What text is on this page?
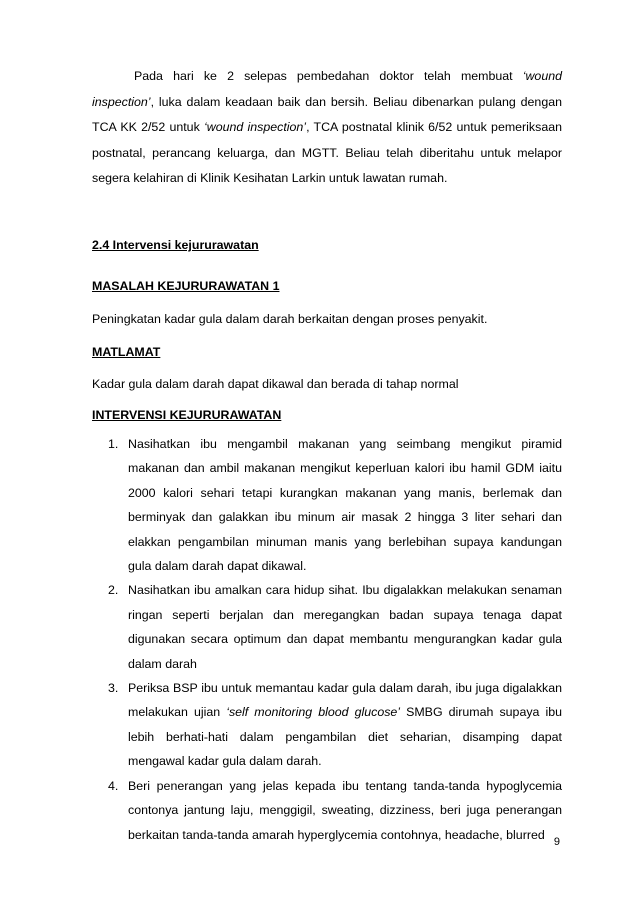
Pada hari ke 2 selepas pembedahan doktor telah membuat ‘wound inspection’, luka dalam keadaan baik dan bersih. Beliau dibenarkan pulang dengan TCA KK 2/52 untuk ‘wound inspection’, TCA postnatal klinik 6/52 untuk pemeriksaan postnatal, perancang keluarga, dan MGTT. Beliau telah diberitahu untuk melapor segera kelahiran di Klinik Kesihatan Larkin untuk lawatan rumah.

2.4 Intervensi kejururawatan

MASALAH KEJURURAWATAN 1

Peningkatan kadar gula dalam darah berkaitan dengan proses penyakit.

MATLAMAT

Kadar gula dalam darah dapat dikawal dan berada di tahap normal

INTERVENSI KEJURURAWATAN

1. Nasihatkan ibu mengambil makanan yang seimbang mengikut piramid makanan dan ambil makanan mengikut keperluan kalori ibu hamil GDM iaitu 2000 kalori sehari tetapi kurangkan makanan yang manis, berlemak dan berminyak dan galakkan ibu minum air masak 2 hingga 3 liter sehari dan elakkan pengambilan minuman manis yang berlebihan supaya kandungan gula dalam darah dapat dikawal.
2. Nasihatkan ibu amalkan cara hidup sihat. Ibu digalakkan melakukan senaman ringan seperti berjalan dan meregangkan badan supaya tenaga dapat digunakan secara optimum dan dapat membantu mengurangkan kadar gula dalam darah
3. Periksa BSP ibu untuk memantau kadar gula dalam darah, ibu juga digalakkan melakukan ujian ‘self monitoring blood glucose’ SMBG dirumah supaya ibu lebih berhati-hati dalam pengambilan diet seharian, disamping dapat mengawal kadar gula dalam darah.
4. Beri penerangan yang jelas kepada ibu tentang tanda-tanda hypoglycemia contonya jantung laju, menggigil, sweating, dizziness, beri juga penerangan berkaitan tanda-tanda amarah hyperglycemia contohnya, headache, blurred
9
